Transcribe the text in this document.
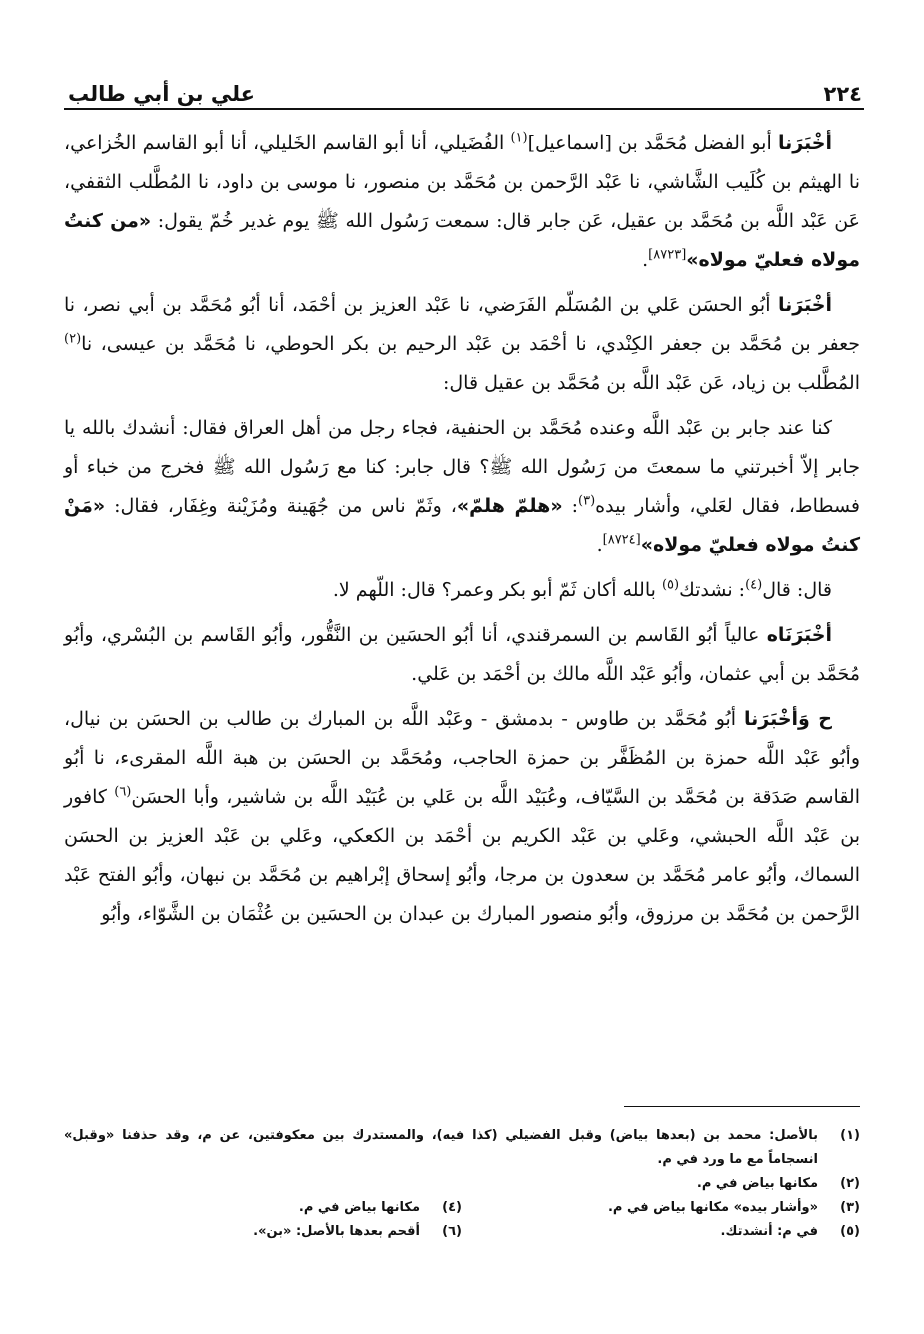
٢٢٤
علي بن أبي طالب

أخْبَرَنا أبو الفضل مُحَمَّد بن [اسماعيل]$^{(١)}$ الفُضَيلي، أنا أبو القاسم الخَليلي، أنا أبو القاسم الخُزاعي، نا الهيثم بن كُلَيب الشَّاشي، نا عَبْد الرَّحمن بن مُحَمَّد بن منصور، نا موسى بن داود، نا المُطَّلب الثقفي، عَن عَبْد اللَّه بن مُحَمَّد بن عقيل، عَن جابر قال: سمعت رَسُول الله ﷺ يوم غدير خُمّ يقول: «من كنتُ مولاه فعليّ مولاه»[٨٧٢٣].

أخْبَرَنا أبُو الحسَن عَلي بن المُسَلّم الفَرَضي، نا عَبْد العزيز بن أحْمَد، أنا أبُو مُحَمَّد بن أبي نصر، نا جعفر بن مُحَمَّد بن جعفر الكِنْدي، نا أحْمَد بن عَبْد الرحيم بن بكر الحوطي، نا مُحَمَّد بن عيسى، نا$^{(٢)}$ المُطَّلب بن زياد، عَن عَبْد اللَّه بن مُحَمَّد بن عقيل قال:

كنا عند جابر بن عَبْد اللَّه وعنده مُحَمَّد بن الحنفية، فجاء رجل من أهل العراق فقال: أنشدك بالله يا جابر إلاّ أخبرتني ما سمعتَ من رَسُول الله ﷺ؟ قال جابر: كنا مع رَسُول الله ﷺ فخرج من خباء أو فسطاط، فقال لعَلي، وأشار بيده$^{(٣)}$: «هلمّ هلمّ»، وثَمّ ناس من جُهَينة ومُزَيْنة وغِفَار، فقال: «مَنْ كنتُ مولاه فعليّ مولاه»[٨٧٢٤].

قال: قال$^{(٤)}$: نشدتك$^{(٥)}$ بالله أكان ثَمّ أبو بكر وعمر؟ قال: اللّهم لا.

أخْبَرَنَاه عالياً أبُو القَاسم بن السمرقندي، أنا أبُو الحسَين بن النَّقُّور، وأبُو القَاسم بن البُسْري، وأبُو مُحَمَّد بن أبي عثمان، وأبُو عَبْد اللَّه مالك بن أحْمَد بن عَلي.

ح وَأخْبَرَنا أبُو مُحَمَّد بن طاوس - بدمشق - وعَبْد اللَّه بن المبارك بن طالب بن الحسَن بن نيال، وأبُو عَبْد اللَّه حمزة بن المُظَفَّر بن حمزة الحاجب، ومُحَمَّد بن الحسَن بن هبة اللَّه المقرىء، نا أبُو القاسم صَدَقة بن مُحَمَّد بن السَّيّاف، وعُبَيْد اللَّه بن عَلي بن عُبَيْد اللَّه بن شاشير، وأبا الحسَن$^{(٦)}$ كافور بن عَبْد اللَّه الحبشي، وعَلي بن عَبْد الكريم بن أحْمَد بن الكعكي، وعَلي بن عَبْد العزيز بن الحسَن السماك، وأبُو عامر مُحَمَّد بن سعدون بن مرجا، وأبُو إسحاق إبْراهيم بن مُحَمَّد بن نبهان، وأبُو الفتح عَبْد الرَّحمن بن مُحَمَّد بن مرزوق، وأبُو منصور المبارك بن عبدان بن الحسَين بن عُثْمَان بن الشَّوّاء، وأبُو

(١)
بالأصل: محمد بن (بعدها بياض) وقبل الفضيلي (كذا فيه)، والمستدرك بين معكوفتين، عن م، وقد حذفنا «وقبل» انسجاماً مع ما ورد في م.
(٢)
مكانها بياض في م.
(٣)
«وأشار بيده» مكانها بياض في م.
(٤)
مكانها بياض في م.
(٥)
في م: أنشدتك.
(٦)
أقحم بعدها بالأصل: «بن».
